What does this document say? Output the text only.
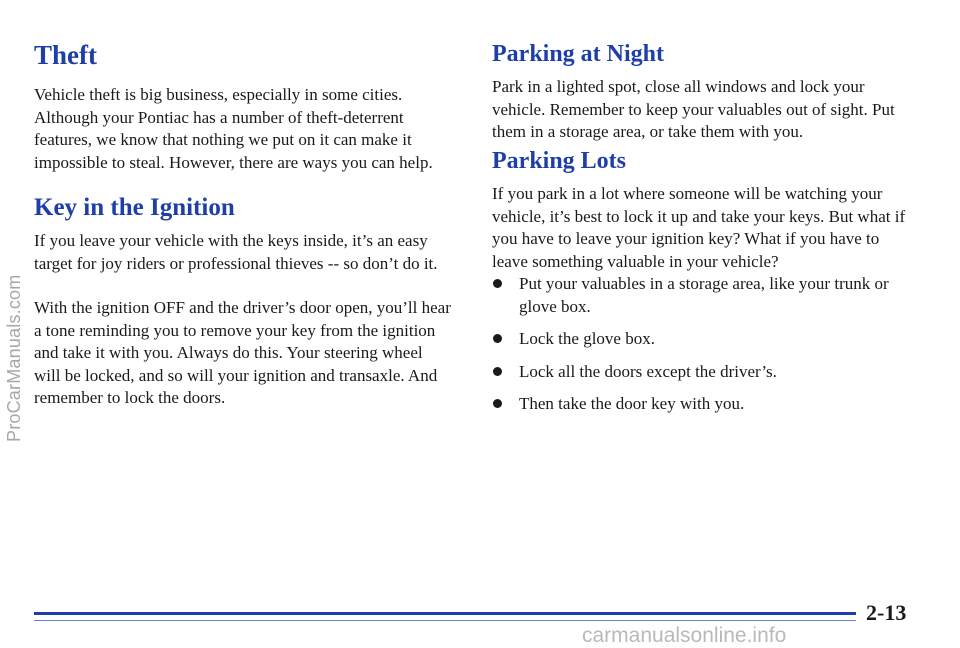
Theft

Vehicle theft is big business, especially in some cities. Although your Pontiac has a number of theft-deterrent features, we know that nothing we put on it can make it impossible to steal. However, there are ways you can help.

Key in the Ignition

If you leave your vehicle with the keys inside, it’s an easy target for joy riders or professional thieves -- so don’t do it.

With the ignition OFF and the driver’s door open, you’ll hear a tone reminding you to remove your key from the ignition and take it with you. Always do this. Your steering wheel will be locked, and so will your ignition and transaxle. And remember to lock the doors.

Parking at Night

Park in a lighted spot, close all windows and lock your vehicle. Remember to keep your valuables out of sight. Put them in a storage area, or take them with you.

Parking Lots

If you park in a lot where someone will be watching your vehicle, it’s best to lock it up and take your keys. But what if you have to leave your ignition key? What if you have to leave something valuable in your vehicle?

Put your valuables in a storage area, like your trunk or glove box.
Lock the glove box.
Lock all the doors except the driver’s.
Then take the door key with you.
ProCarManuals.com
2-13
carmanualsonline.info
